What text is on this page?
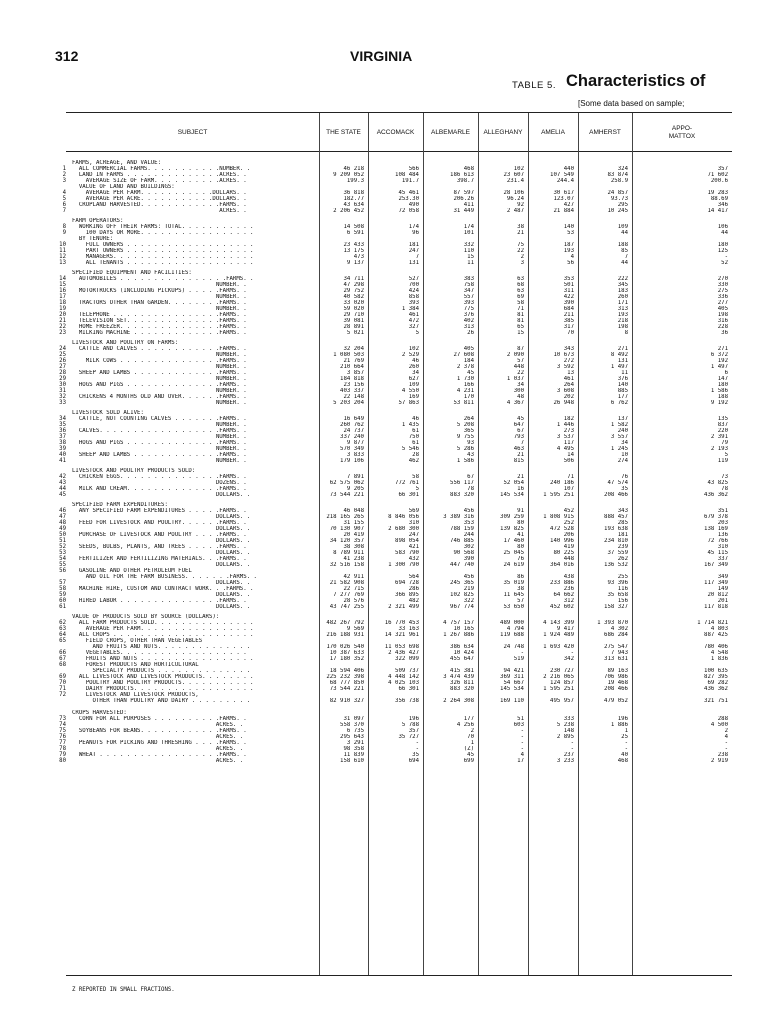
312	VIRGINIA
TABLE 5. Characteristics of
[Some data based on sample;
SUBJECT	THE STATE	ACCOMACK	ALBEMARLE	ALLEGHANY	AMELIA	AMHERST
APPO-
MATTOX
FARMS, ACREAGE, AND VALUE:
1 ALL COMMERCIAL FARMS. . . . . . . . . . .NUMBER. .	46 218	566	468	102	440	324	357
2 LAND IN FARMS . . . . . . . . . . . . . .ACRES. .	9 209 052	108 484	186 613	23 607	107 549	83 874	71 602
3 AVERAGE SIZE OF FARM. . . . . . . . . .ACRES. .	199.3	191.7	398.7	231.4	244.4	258.9	200.6
VALUE OF LAND AND BUILDINGS:
4 AVERAGE PER FARM. . . . . . . . . . .DOLLARS. .	36 818	45 461	87 597	28 106	30 617	24 857	19 283
5 AVERAGE PER ACRE. . . . . . . . . . .DOLLARS. .	182.77	253.30	206.26	96.24	123.07	93.73	88.69
6 CROPLAND HARVESTED. . . . . . . . . . . .FARMS. .	43 634	490	411	92	427	295	346
7 ACRES. .	2 206 452	72 058	31 449	2 487	21 884	10 245	14 417
FARM OPERATORS:
8 WORKING OFF THEIR FARMS: TOTAL. . . . . . . . . . .	14 508	174	174	38	140	109	106
9 100 DAYS OR MORE. . . . . . . . . . . . . . . . .	6 591	96	101	21	53	44	44
BY TENURE:
10 FULL OWNERS . . . . . . . . . . . . . . . . . . .	23 433	181	332	75	187	188	180
11 PART OWNERS . . . . . . . . . . . . . . . . . . .	13 175	247	110	22	193	85	125
12 MANAGERS. . . . . . . . . . . . . . . . . . . . .	473	7	15	2	4	7	-
13 ALL TENANTS . . . . . . . . . . . . . . . . . . .	9 137	131	11	3	56	44	52
SPECIFIED EQUIPMENT AND FACILITIES:
14 AUTOMOBILES . . . . . . . . . . . . . . . .FARMS. .	34 711	527	383	63	353	222	270
15 NUMBER. .	47 298	700	758	68	501	345	330
16 MOTORTRUCKS (INCLUDING PICKUPS) . . . . .FARMS. .	29 752	424	347	63	311	183	275
17 NUMBER. .	40 582	858	557	69	422	260	336
18 TRACTORS OTHER THAN GARDEN. . . . . . . .FARMS. .	33 020	393	393	58	390	171	277
19 NUMBER. .	59 020	1 384	775	71	684	313	405
20 TELEPHONE . . . . . . . . . . . . . . . .FARMS. .	29 710	461	376	81	211	193	198
21 TELEVISION SET. . . . . . . . . . . . . .FARMS. .	39 081	472	402	81	385	218	316
22 HOME FREEZER. . . . . . . . . . . . . . .FARMS. .	28 891	327	313	65	317	198	228
23 MILKING MACHINE . . . . . . . . . . . . .FARMS. .	5 021	5	26	15	70	8	36
LIVESTOCK AND POULTRY ON FARMS:
24 CATTLE AND CALVES . . . . . . . . . . . .FARMS. .	32 204	102	405	87	343	271	271
25 NUMBER. .	1 080 503	2 529	27 608	2 090	10 673	8 492	6 372
26 MILK COWS . . . . . . . . . . . . . . .FARMS. .	21 769	46	184	57	272	131	192
27 NUMBER. .	210 664	260	2 378	448	3 592	1 497	1 497
28 SHEEP AND LAMBS . . . . . . . . . . . . .FARMS. .	3 857	34	45	22	13	11	6
29 NUMBER. .	184 818	627	1 730	1 037	461	376	147
30 HOGS AND PIGS . . . . . . . . . . . . . .FARMS. .	23 156	109	166	34	264	140	180
31 NUMBER. .	403 337	4 550	4 231	300	3 608	885	1 586
32 CHICKENS 4 MONTHS OLD AND OVER. . . . . .FARMS. .	22 148	169	170	48	202	177	188
33 NUMBER. .	5 203 204	57 863	53 811	4 367	26 948	6 762	9 192
LIVESTOCK SOLD ALIVE:
34 CATTLE, NOT COUNTING CALVES . . . . . . .FARMS. .	16 649	46	264	45	182	137	135
35 NUMBER. .	260 762	1 435	5 208	647	1 446	1 582	837
36 CALVES. . . . . . . . . . . . . . . . . .FARMS. .	24 737	61	365	67	273	240	220
37 NUMBER. .	337 240	750	9 755	793	3 537	3 557	2 391
38 HOGS AND PIGS . . . . . . . . . . . . . .FARMS. .	9 877	61	93	7	117	34	79
39 NUMBER. .	570 349	5 546	5 286	463	4 495	1 245	2 193
40 SHEEP AND LAMBS . . . . . . . . . . . . .FARMS. .	3 833	28	43	21	14	10	5
41 NUMBER. .	179 106	462	1 586	815	506	274	119
LIVESTOCK AND POULTRY PRODUCTS SOLD:
42 CHICKEN EGGS. . . . . . . . . . . . . . .FARMS. .	7 891	58	67	21	71	76	73
43 DOZENS. .	62 575 062	772 761	556 117	52 054	240 186	47 574	43 825
44 MILK AND CREAM. . . . . . . . . . . . . .FARMS. .	9 205	5	78	16	107	35	78
45 DOLLARS. .	73 544 221	66 301	883 320	145 534	1 595 251	208 466	436 362
SPECIFIED FARM EXPENDITURES:
46 ANY SPECIFIED FARM EXPENDITURES . . . . .FARMS. .	46 048	569	456	91	452	343	351
47 DOLLARS. .	218 165 265	8 846 056	3 389 316	309 259	1 808 915	888 457	679 378
48 FEED FOR LIVESTOCK AND POULTRY. . . . . .FARMS. .	31 155	310	353	80	252	285	203
49 DOLLARS. .	70 130 907	2 680 300	788 159	139 825	472 528	193 638	138 169
50 PURCHASE OF LIVESTOCK AND POULTRY . . . .FARMS. .	20 419	247	244	41	206	181	136
51 DOLLARS. .	34 120 357	898 054	746 885	17 460	140 996	234 810	72 766
52 SEEDS, BULBS, PLANTS, AND TREES . . . . .FARMS. .	38 308	421	302	80	419	239	310
53 DOLLARS. .	8 789 911	583 790	90 568	25 045	80 225	37 559	45 115
54 FERTILIZER AND FERTILIZING MATERIALS. . .FARMS. .	41 238	432	390	76	448	262	337
55 DOLLARS. .	32 516 158	1 300 790	447 740	24 619	364 016	136 532	167 349
56 GASOLINE AND OTHER PETROLEUM FUEL
AND OIL FOR THE FARM BUSINESS. . . . . . .FARMS. .	42 911	564	456	86	438	255	349
57 DOLLARS. .	21 582 908	694 728	245 365	35 019	233 886	93 396	117 349
58 MACHINE HIRE, CUSTOM AND CONTRACT WORK. . .FARMS. .	22 715	286	219	38	236	116	149
59 DOLLARS. .	7 277 769	366 895	102 825	11 645	64 662	35 658	20 812
60 HIRED LABOR . . . . . . . . . . . . . . .FARMS. .	28 576	482	322	57	312	156	201
61 DOLLARS. .	43 747 255	2 321 499	967 774	53 650	452 602	158 327	117 818
VALUE OF PRODUCTS SOLD BY SOURCE (DOLLARS):
62 ALL FARM PRODUCTS SOLD. . . . . . . . . . . . . . .	482 267 792	16 770 453	4 757 157	489 000	4 143 399	1 393 870	1 714 821
63 AVERAGE PER FARM. . . . . . . . . . . . . . . . .	9 569	33 163	10 165	4 794	9 417	4 302	4 803
64 ALL CROPS . . . . . . . . . . . . . . . . . . . . .	216 188 931	14 321 961	1 267 886	119 688	1 924 489	686 284	887 425
65 FIELD CROPS, OTHER THAN VEGETABLES
AND FRUITS AND NUTS. . . . . . . . . . . . . .	170 026 540	11 053 698	386 634	24 748	1 693 420	275 547	780 406
66 VEGETABLES. . . . . . . . . . . . . . . . . . .	10 387 633	2 436 427	10 424	-	-	7 943	4 548
67 FRUITS AND NUTS . . . . . . . . . . . . . . . . .	17 180 352	322 099	455 647	519	342	313 631	1 836
68 FOREST PRODUCTS AND HORTICULTURAL
SPECIALTY PRODUCTS . . . . . . . . . . . . . .	18 594 406	509 737	415 381	94 421	230 727	89 163	100 635
69 ALL LIVESTOCK AND LIVESTOCK PRODUCTS. . . . . . . .	225 232 398	4 448 142	3 474 439	369 311	2 216 065	706 986	827 395
70 POULTRY AND POULTRY PRODUCTS. . . . . . . . . . .	68 777 850	4 025 103	326 811	54 667	124 857	19 468	69 282
71 DAIRY PRODUCTS. . . . . . . . . . . . . . . . . .	73 544 221	66 301	883 320	145 534	1 595 251	208 466	436 362
72 LIVESTOCK AND LIVESTOCK PRODUCTS,
OTHER THAN POULTRY AND DAIRY . . . . . . . . .	82 910 327	356 738	2 264 308	169 110	495 957	479 052	321 751
CROPS HARVESTED:
73 CORN FOR ALL PURPOSES . . . . . . . . . .FARMS. .	31 097	196	177	51	333	196	288
74 ACRES. .	558 370	5 788	4 256	603	5 238	1 886	4 500
75 SOYBEANS FOR BEANS. . . . . . . . . . . .FARMS. .	6 735	357	2	-	148	1	2
76 ACRES. .	295 643	35 727	70	-	2 895	25	4
77 PEANUTS FOR PICKING AND THRESHING . . . .FARMS. .	3 291	-	1	-	-	-	-
78 ACRES. .	98 358	-	(Z)	-	-	-	-
79 WHEAT . . . . . . . . . . . . . . . . . .FARMS. .	11 839	35	45	4	237	40	238
80 ACRES. .	158 610	694	699	17	3 233	468	2 919
Z REPORTED IN SMALL FRACTIONS.
